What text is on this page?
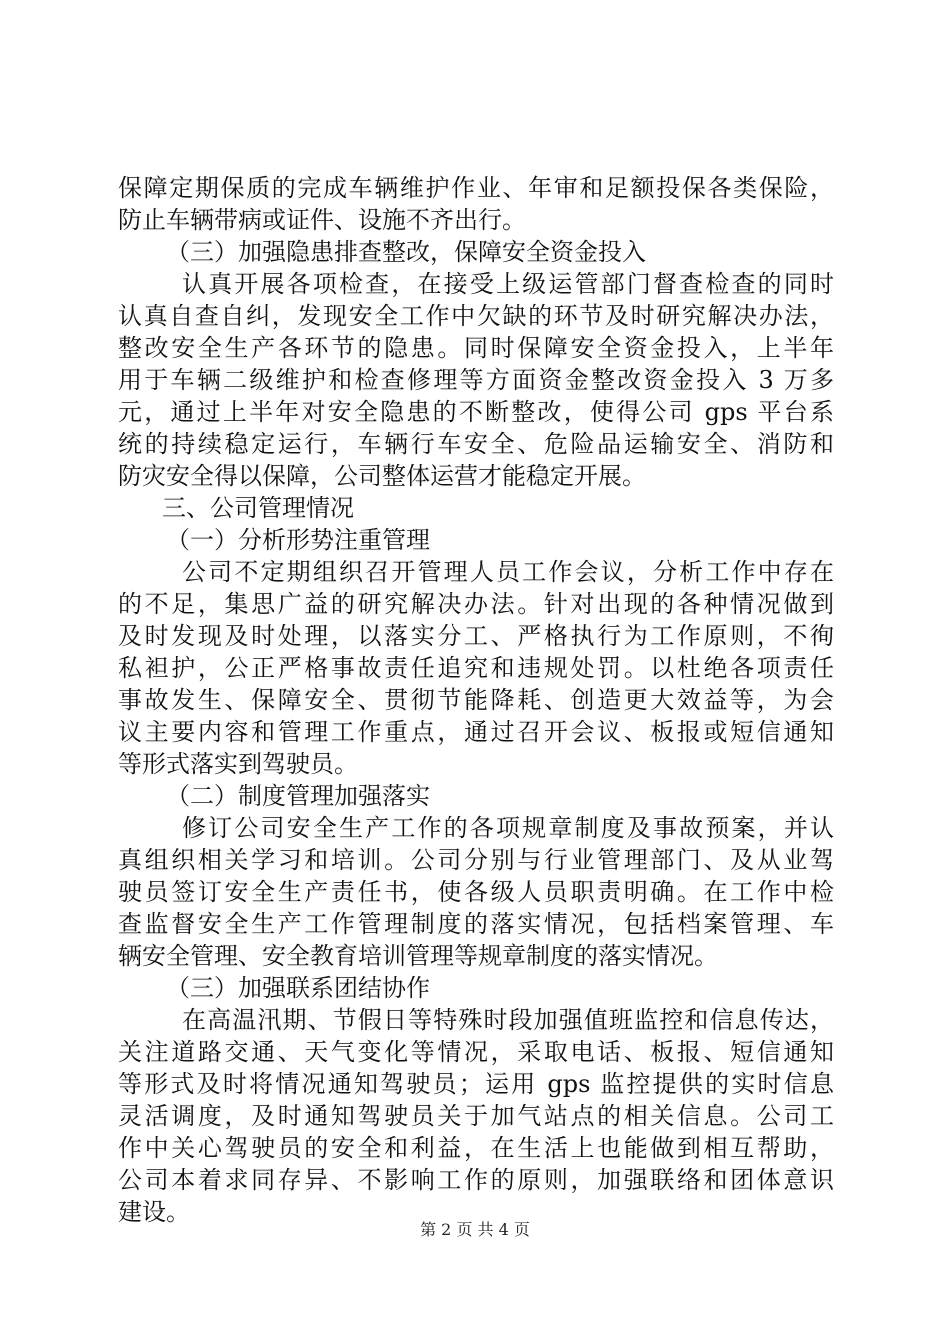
保障定期保质的完成车辆维护作业、年审和足额投保各类保险，
防止车辆带病或证件、设施不齐出行。
（三）加强隐患排查整改，保障安全资金投入
认真开展各项检查，在接受上级运管部门督查检查的同时
认真自查自纠，发现安全工作中欠缺的环节及时研究解决办法，
整改安全生产各环节的隐患。同时保障安全资金投入，上半年
用于车辆二级维护和检查修理等方面资金整改资金投入 3 万多
元，通过上半年对安全隐患的不断整改，使得公司 gps 平台系
统的持续稳定运行，车辆行车安全、危险品运输安全、消防和
防灾安全得以保障，公司整体运营才能稳定开展。
三、公司管理情况
（一）分析形势注重管理
公司不定期组织召开管理人员工作会议，分析工作中存在
的不足，集思广益的研究解决办法。针对出现的各种情况做到
及时发现及时处理，以落实分工、严格执行为工作原则，不徇
私袒护，公正严格事故责任追究和违规处罚。以杜绝各项责任
事故发生、保障安全、贯彻节能降耗、创造更大效益等，为会
议主要内容和管理工作重点，通过召开会议、板报或短信通知
等形式落实到驾驶员。
（二）制度管理加强落实
修订公司安全生产工作的各项规章制度及事故预案，并认
真组织相关学习和培训。公司分别与行业管理部门、及从业驾
驶员签订安全生产责任书，使各级人员职责明确。在工作中检
查监督安全生产工作管理制度的落实情况，包括档案管理、车
辆安全管理、安全教育培训管理等规章制度的落实情况。
（三）加强联系团结协作
在高温汛期、节假日等特殊时段加强值班监控和信息传达，
关注道路交通、天气变化等情况，采取电话、板报、短信通知
等形式及时将情况通知驾驶员；运用 gps 监控提供的实时信息
灵活调度，及时通知驾驶员关于加气站点的相关信息。公司工
作中关心驾驶员的安全和利益，在生活上也能做到相互帮助，
公司本着求同存异、不影响工作的原则，加强联络和团体意识
建设。
第 2 页 共 4 页
